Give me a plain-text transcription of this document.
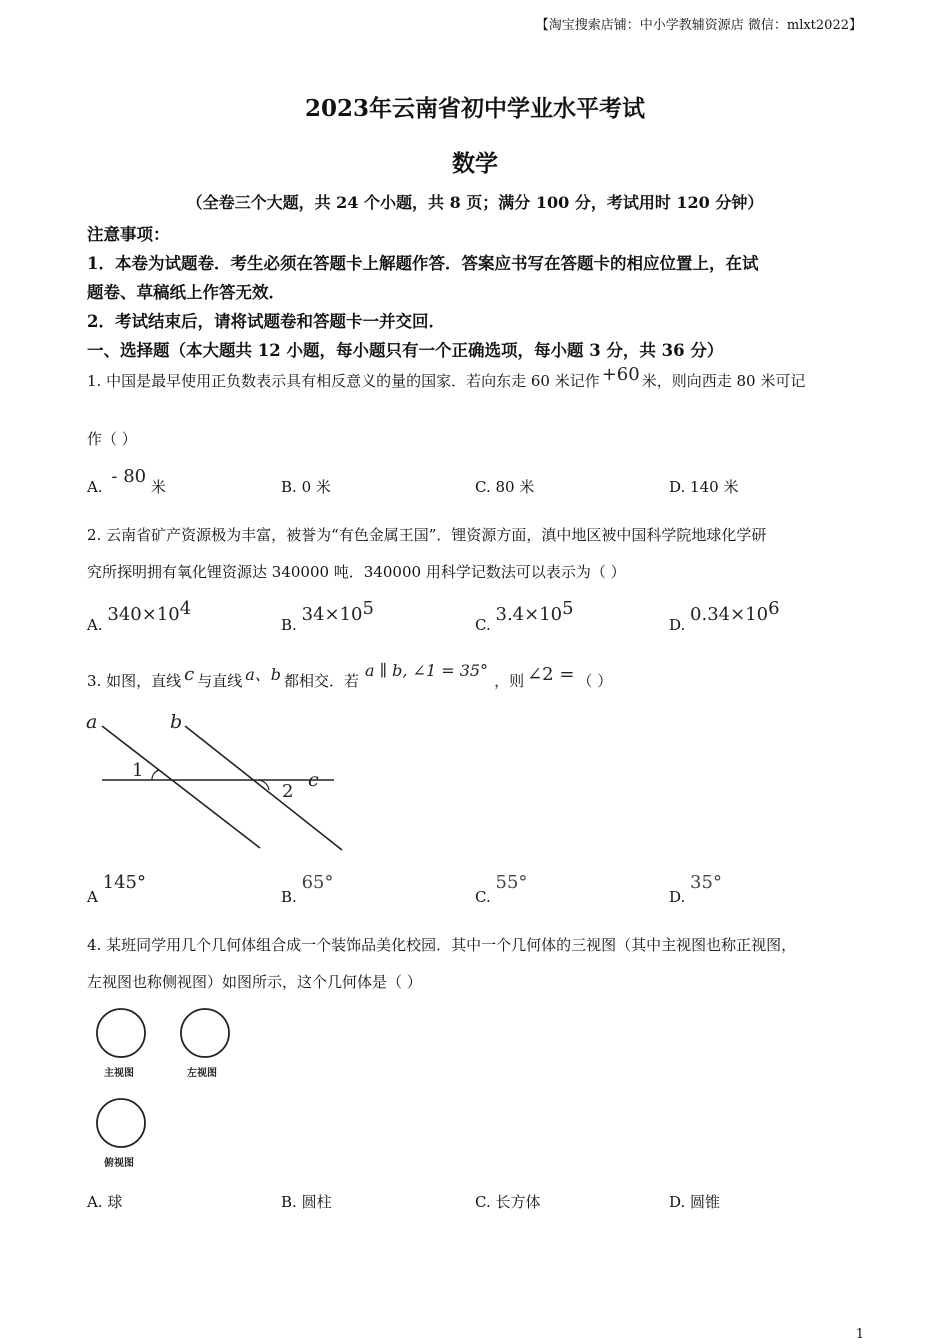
【淘宝搜索店铺：中小学教辅资源店 微信：mlxt2022】
2023年云南省初中学业水平考试
数学
（全卷三个大题，共 24 个小题，共 8 页；满分 100 分，考试用时 120 分钟）
注意事项：
1．本卷为试题卷．考生必须在答题卡上解题作答．答案应书写在答题卡的相应位置上，在试
题卷、草稿纸上作答无效．
2．考试结束后，请将试题卷和答题卡一并交回．
一、选择题（本大题共 12 小题，每小题只有一个正确选项，每小题 3 分，共 36 分）
1. 中国是最早使用正负数表示具有相反意义的量的国家．若向东走 60 米记作 +60 米，则向西走 80 米可记
作（ ）
A. - 80 米	B. 0 米	C. 80 米	D. 140 米
2. 云南省矿产资源极为丰富，被誉为“有色金属王国”．锂资源方面，滇中地区被中国科学院地球化学研
究所探明拥有氧化锂资源达 340000 吨．340000 用科学记数法可以表示为（ ）
A. $340\times 10^4$
B. $34\times 10^5$
C. $3.4\times 10^5$
D. $0.34\times 10^6$
3. 如图，直线 c 与直线 a、b 都相交．若a ∥ b, ∠1 = 35°，则 ∠2 = （ ）
a	b
c
1
2
A 145°
B. 65°
C. 55°
D. 35°
4. 某班同学用几个几何体组合成一个装饰品美化校园．其中一个几何体的三视图（其中主视图也称正视图，
左视图也称侧视图）如图所示，这个几何体是（ ）
主视图	左视图
俯视图
A. 球	B. 圆柱	C. 长方体	D. 圆锥
1
